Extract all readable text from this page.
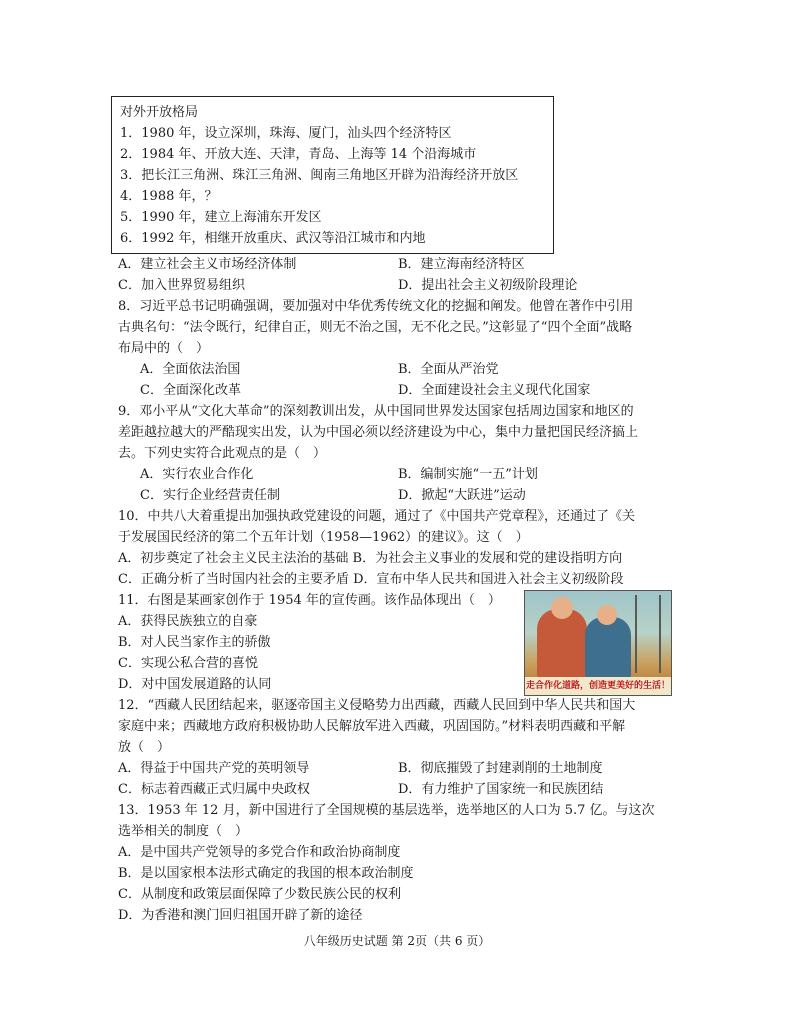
对外开放格局
1．1980 年，设立深圳，珠海、厦门，汕头四个经济特区
2．1984 年、开放大连、天津，青岛、上海等 14 个沿海城市
3．把长江三角洲、珠江三角洲、闽南三角地区开辟为沿海经济开放区
4．1988 年，？
5．1990 年，建立上海浦东开发区
6．1992 年，相继开放重庆、武汉等沿江城市和内地
A．建立社会主义市场经济体制	B．建立海南经济特区
C．加入世界贸易组织	D．提出社会主义初级阶段理论
8．习近平总书记明确强调，要加强对中华优秀传统文化的挖掘和阐发。他曾在著作中引用
古典名句：“法令既行，纪律自正，则无不治之国，无不化之民。”这彰显了“四个全面”战略
布局中的（　）
A．全面依法治国	B．全面从严治党
C．全面深化改革	D．全面建设社会主义现代化国家
9．邓小平从“文化大革命”的深刻教训出发，从中国同世界发达国家包括周边国家和地区的
差距越拉越大的严酷现实出发，认为中国必须以经济建设为中心，集中力量把国民经济搞上
去。下列史实符合此观点的是（　）
A．实行农业合作化	B．编制实施“一五”计划
C．实行企业经营责任制	D．掀起“大跃进”运动
10．中共八大着重提出加强执政党建设的问题，通过了《中国共产党章程》，还通过了《关
于发展国民经济的第二个五年计划（1958—1962）的建议》。这（　）
A．初步奠定了社会主义民主法治的基础 B．为社会主义事业的发展和党的建设指明方向
C．正确分析了当时国内社会的主要矛盾 D．宣布中华人民共和国进入社会主义初级阶段
11．右图是某画家创作于 1954 年的宣传画。该作品体现出（　）
A．获得民族独立的自豪
B．对人民当家作主的骄傲
C．实现公私合营的喜悦
D．对中国发展道路的认同
12．“西藏人民团结起来，驱逐帝国主义侵略势力出西藏，西藏人民回到中华人民共和国大
家庭中来；西藏地方政府积极协助人民解放军进入西藏，巩固国防。”材料表明西藏和平解
放（　）
A．得益于中国共产党的英明领导	B．彻底摧毁了封建剥削的土地制度
C．标志着西藏正式归属中央政权	D．有力维护了国家统一和民族团结
13．1953 年 12 月，新中国进行了全国规模的基层选举，选举地区的人口为 5.7 亿。与这次
选举相关的制度（　）
A．是中国共产党领导的多党合作和政治协商制度
B．是以国家根本法形式确定的我国的根本政治制度
C．从制度和政策层面保障了少数民族公民的权利
D．为香港和澳门回归祖国开辟了新的途径
走合作化道路，创造更美好的生活！
八年级历史试题 第 2页（共 6 页）
